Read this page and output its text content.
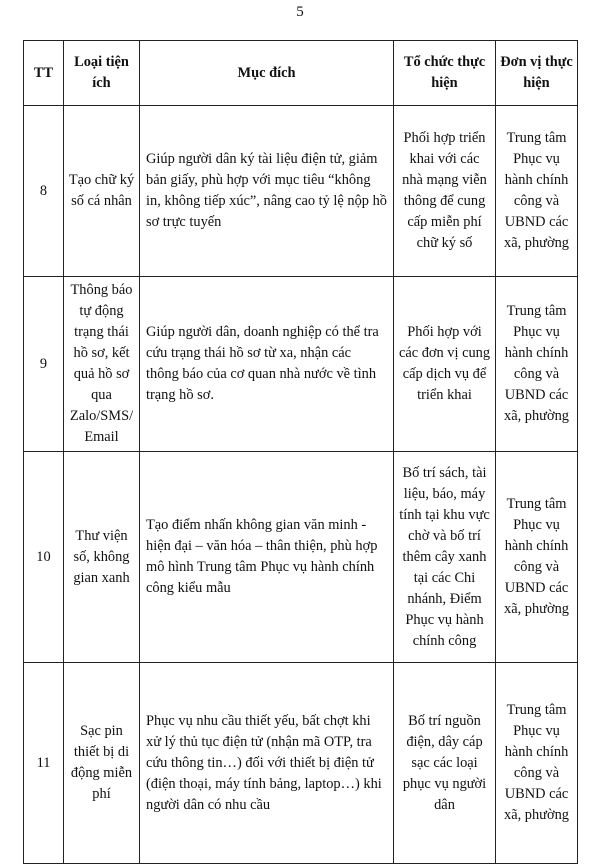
5
TT	Loại tiện ích	Mục đích	Tổ chức thực hiện	Đơn vị thực hiện
8	Tạo chữ ký số cá nhân	Giúp người dân ký tài liệu điện tử, giảm bản giấy, phù hợp với mục tiêu “không in, không tiếp xúc”, nâng cao tỷ lệ nộp hồ sơ trực tuyến	Phối hợp triển khai với các nhà mạng viễn thông để cung cấp miễn phí chữ ký số	Trung tâm Phục vụ hành chính công và UBND các xã, phường
9	Thông báo tự động trạng thái hồ sơ, kết quả hồ sơ qua Zalo/SMS/ Email	Giúp người dân, doanh nghiệp có thể tra cứu trạng thái hồ sơ từ xa, nhận các thông báo của cơ quan nhà nước về tình trạng hồ sơ.	Phối hợp với các đơn vị cung cấp dịch vụ để triển khai	Trung tâm Phục vụ hành chính công và UBND các xã, phường
10	Thư viện số, không gian xanh	Tạo điểm nhấn không gian văn minh - hiện đại – văn hóa – thân thiện, phù hợp mô hình Trung tâm Phục vụ hành chính công kiểu mẫu	Bố trí sách, tài liệu, báo, máy tính tại khu vực chờ và bố trí thêm cây xanh tại các Chi nhánh, Điểm Phục vụ hành chính công	Trung tâm Phục vụ hành chính công và UBND các xã, phường
11	Sạc pin thiết bị di động miễn phí	Phục vụ nhu cầu thiết yếu, bất chợt khi xử lý thủ tục điện tử (nhận mã OTP, tra cứu thông tin…) đối với thiết bị điện tử (điện thoại, máy tính bảng, laptop…) khi người dân có nhu cầu	Bố trí nguồn điện, dây cáp sạc các loại phục vụ người dân	Trung tâm Phục vụ hành chính công và UBND các xã, phường
